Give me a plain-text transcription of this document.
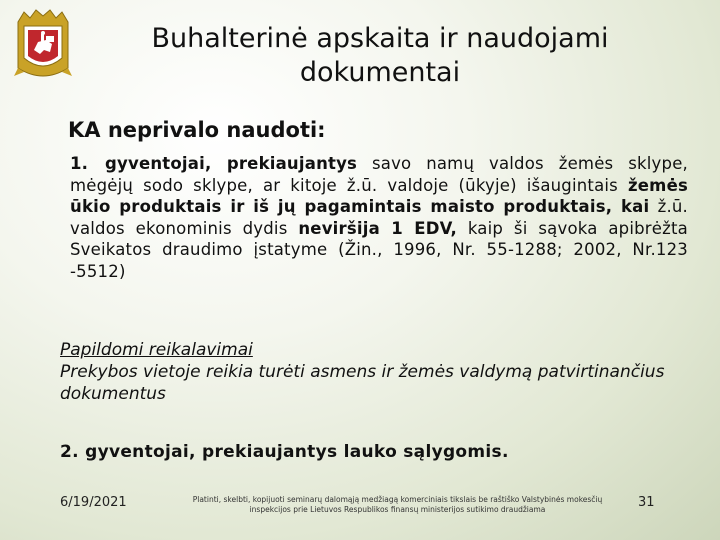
Buhalterinė apskaita ir naudojami dokumentai
KA neprivalo naudoti:
1. gyventojai, prekiaujantys savo namų valdos žemės sklype, mėgėjų sodo sklype, ar kitoje ž.ū. valdoje (ūkyje) išaugintais žemės ūkio produktais ir iš jų pagamintais maisto produktais, kai ž.ū. valdos ekonominis dydis neviršija 1 EDV, kaip ši sąvoka apibrėžta Sveikatos draudimo įstatyme (Žin., 1996, Nr. 55-1288; 2002, Nr.123 -5512)
Papildomi reikalavimai
Prekybos vietoje reikia turėti asmens ir žemės valdymą patvirtinančius dokumentus
2. gyventojai, prekiaujantys lauko sąlygomis.
6/19/2021	Platinti, skelbti, kopijuoti seminarų dalomąją medžiagą komerciniais tikslais be raštiško Valstybinės mokesčių inspekcijos prie Lietuvos Respublikos finansų ministerijos sutikimo draudžiama	31
